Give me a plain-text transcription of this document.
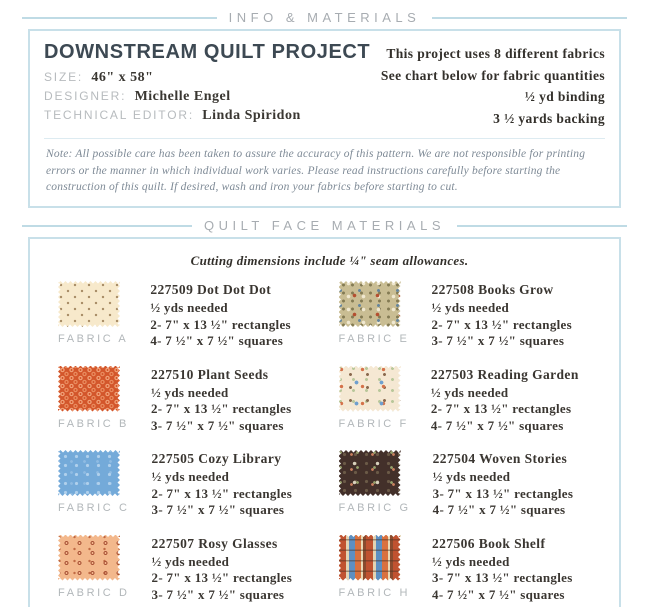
INFO & MATERIALS
DOWNSTREAM QUILT PROJECT
SIZE: 46" x 58"
DESIGNER: Michelle Engel
TECHNICAL EDITOR: Linda Spiridon
This project uses 8 different fabrics
See chart below for fabric quantities
½ yd binding
3 ½ yards backing
Note: All possible care has been taken to assure the accuracy of this pattern. We are not responsible for printing errors or the manner in which individual work varies. Please read instructions carefully before starting the construction of this quilt. If desired, wash and iron your fabrics before starting to cut.
QUILT FACE MATERIALS
Cutting dimensions include ¼" seam allowances.
FABRIC A
227509 Dot Dot Dot
½ yds needed
2- 7" x 13 ½" rectangles
4- 7 ½" x 7 ½" squares	FABRIC E
227508 Books Grow
½ yds needed
2- 7" x 13 ½" rectangles
3- 7 ½" x 7 ½" squares
FABRIC B
227510 Plant Seeds
½ yds needed
2- 7" x 13 ½" rectangles
3- 7 ½" x 7 ½" squares	FABRIC F
227503 Reading Garden
½ yds needed
2- 7" x 13 ½" rectangles
4- 7 ½" x 7 ½" squares
FABRIC C
227505 Cozy Library
½ yds needed
2- 7" x 13 ½" rectangles
3- 7 ½" x 7 ½" squares	FABRIC G
227504 Woven Stories
½ yds needed
3- 7" x 13 ½" rectangles
4- 7 ½" x 7 ½" squares
FABRIC D
227507 Rosy Glasses
½ yds needed
2- 7" x 13 ½" rectangles
3- 7 ½" x 7 ½" squares	FABRIC H
227506 Book Shelf
½ yds needed
3- 7" x 13 ½" rectangles
4- 7 ½" x 7 ½" squares
